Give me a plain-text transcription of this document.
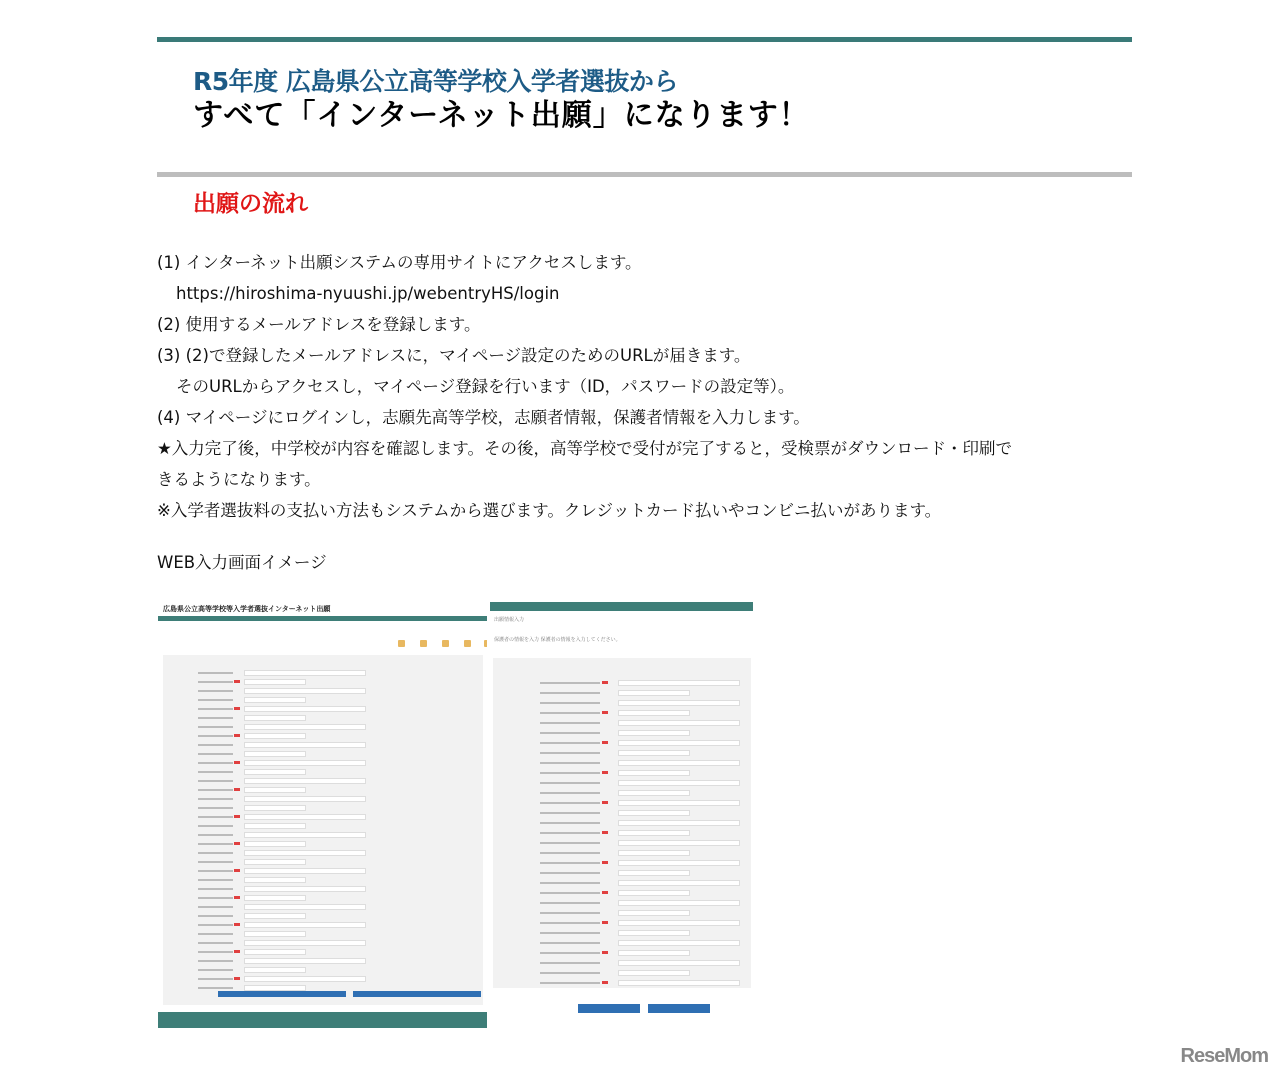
R5年度 広島県公立高等学校入学者選抜から
すべて「インターネット出願」になります！
出願の流れ
(1) インターネット出願システムの専用サイトにアクセスします。
https://hiroshima-nyuushi.jp/webentryHS/login
(2) 使用するメールアドレスを登録します。
(3) (2)で登録したメールアドレスに，マイページ設定のためのURLが届きます。
そのURLからアクセスし，マイページ登録を行います（ID，パスワードの設定等）。
(4) マイページにログインし，志願先高等学校，志願者情報，保護者情報を入力します。
★入力完了後，中学校が内容を確認します。その後，高等学校で受付が完了すると，受検票がダウンロード・印刷で
きるようになります。
※入学者選抜料の支払い方法もシステムから選びます。クレジットカード払いやコンビニ払いがあります。
WEB入力画面イメージ
広島県公立高等学校等入学者選抜インターネット出願
出願情報入力
保護者の情報を入力 保護者の情報を入力してください。
ReseMom
